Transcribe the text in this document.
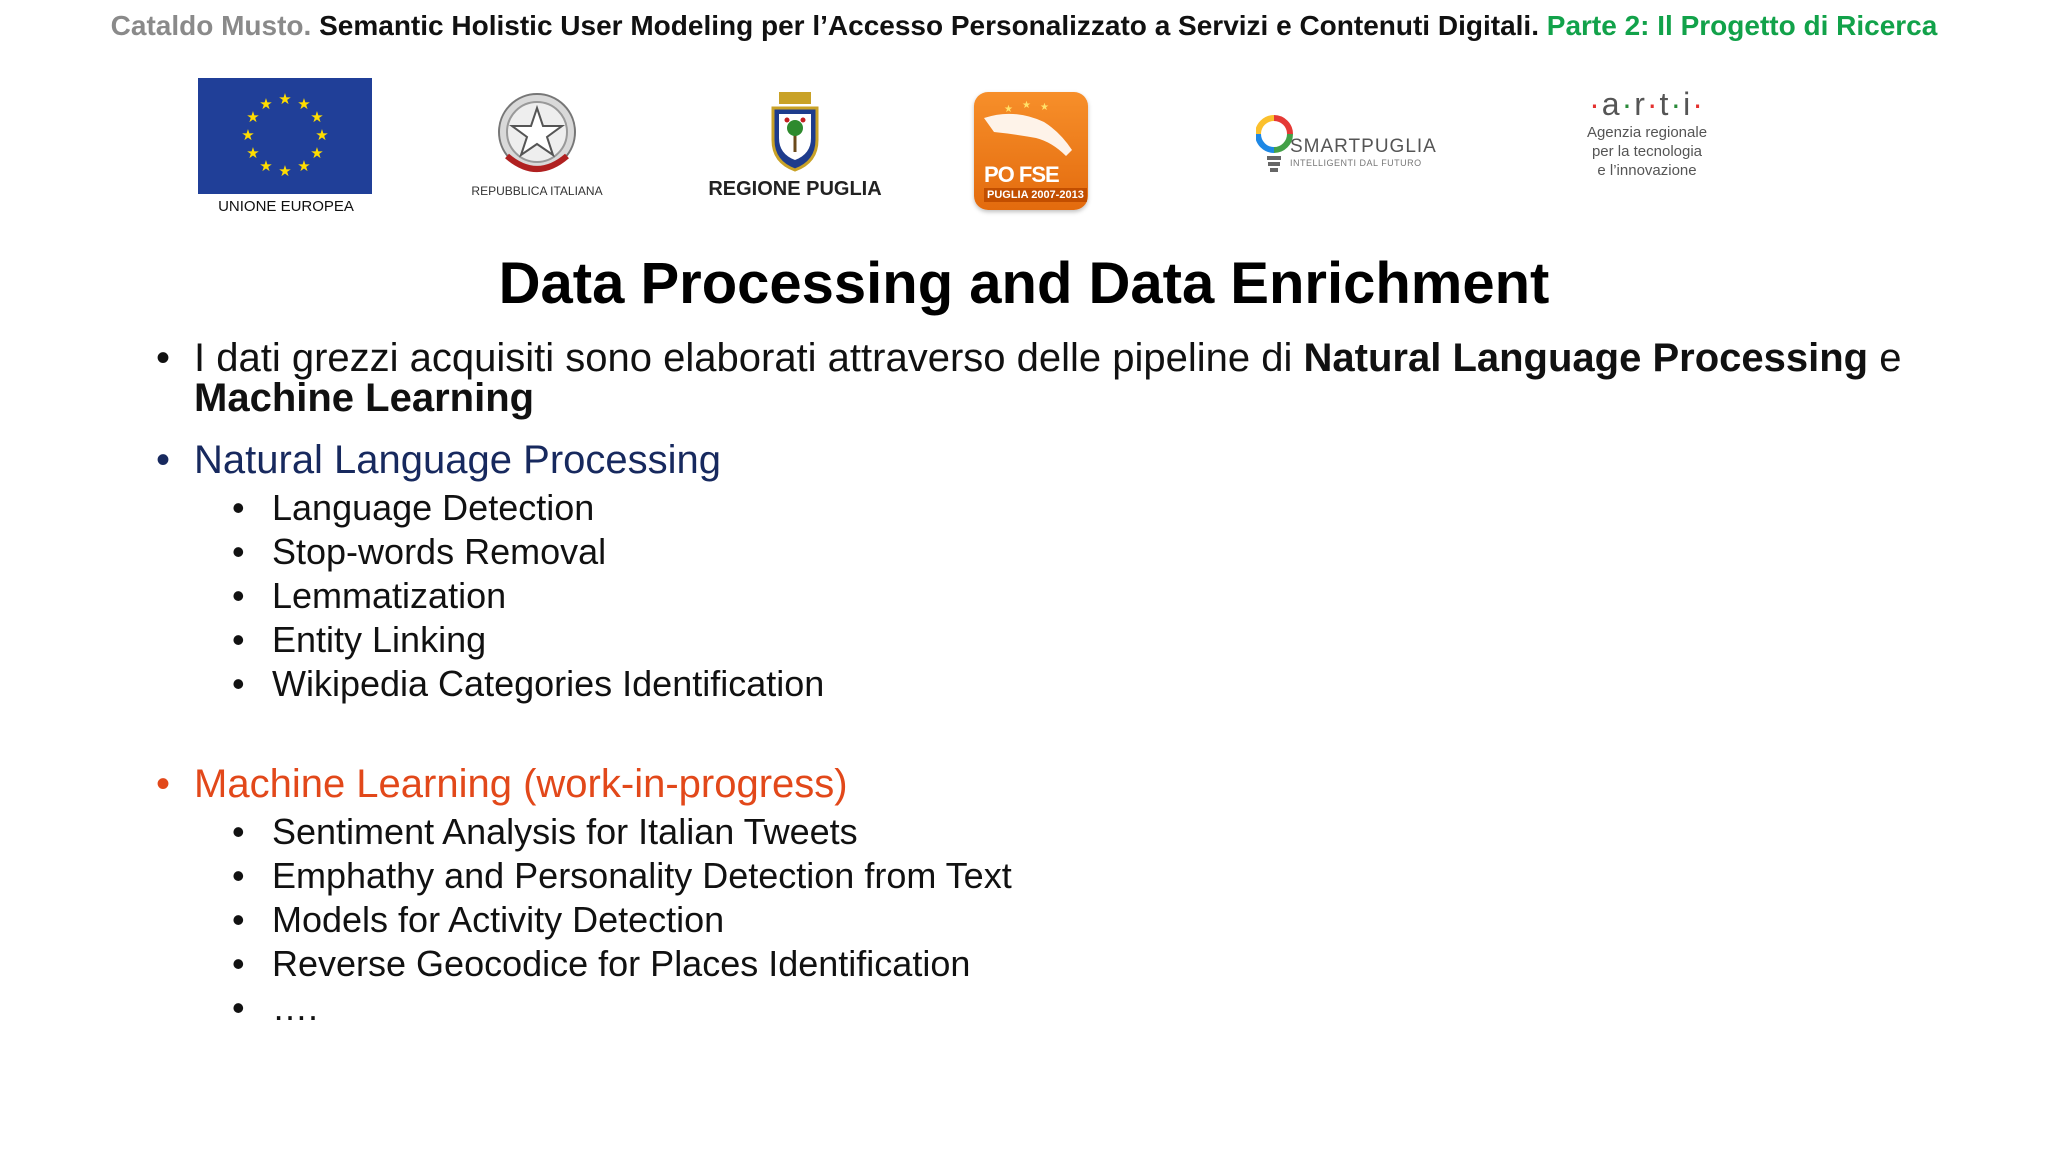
Cataldo Musto. Semantic Holistic User Modeling per l’Accesso Personalizzato a Servizi e Contenuti Digitali. Parte 2: Il Progetto di Ricerca
★ ★
★
★
★
★
★
★
★
★
★
★
UNIONE EUROPEA
REPUBBLICA ITALIANA	REGIONE PUGLIA
★ ★ ★
PO FSE
PUGLIA 2007-2013
SMARTPUGLIA
INTELLIGENTI DAL FUTURO
·a·r·t·i·
Agenzia regionale
per la tecnologia
e l’innovazione
Data Processing and Data Enrichment
• I dati grezzi acquisiti sono elaborati attraverso delle pipeline di Natural Language Processing e Machine Learning
• Natural Language Processing
• Language Detection
• Stop-words Removal
• Lemmatization
• Entity Linking
• Wikipedia Categories Identification
• Machine Learning (work-in-progress)
• Sentiment Analysis for Italian Tweets
• Emphathy and Personality Detection from Text
• Models for Activity Detection
• Reverse Geocodice for Places Identification
• ….
